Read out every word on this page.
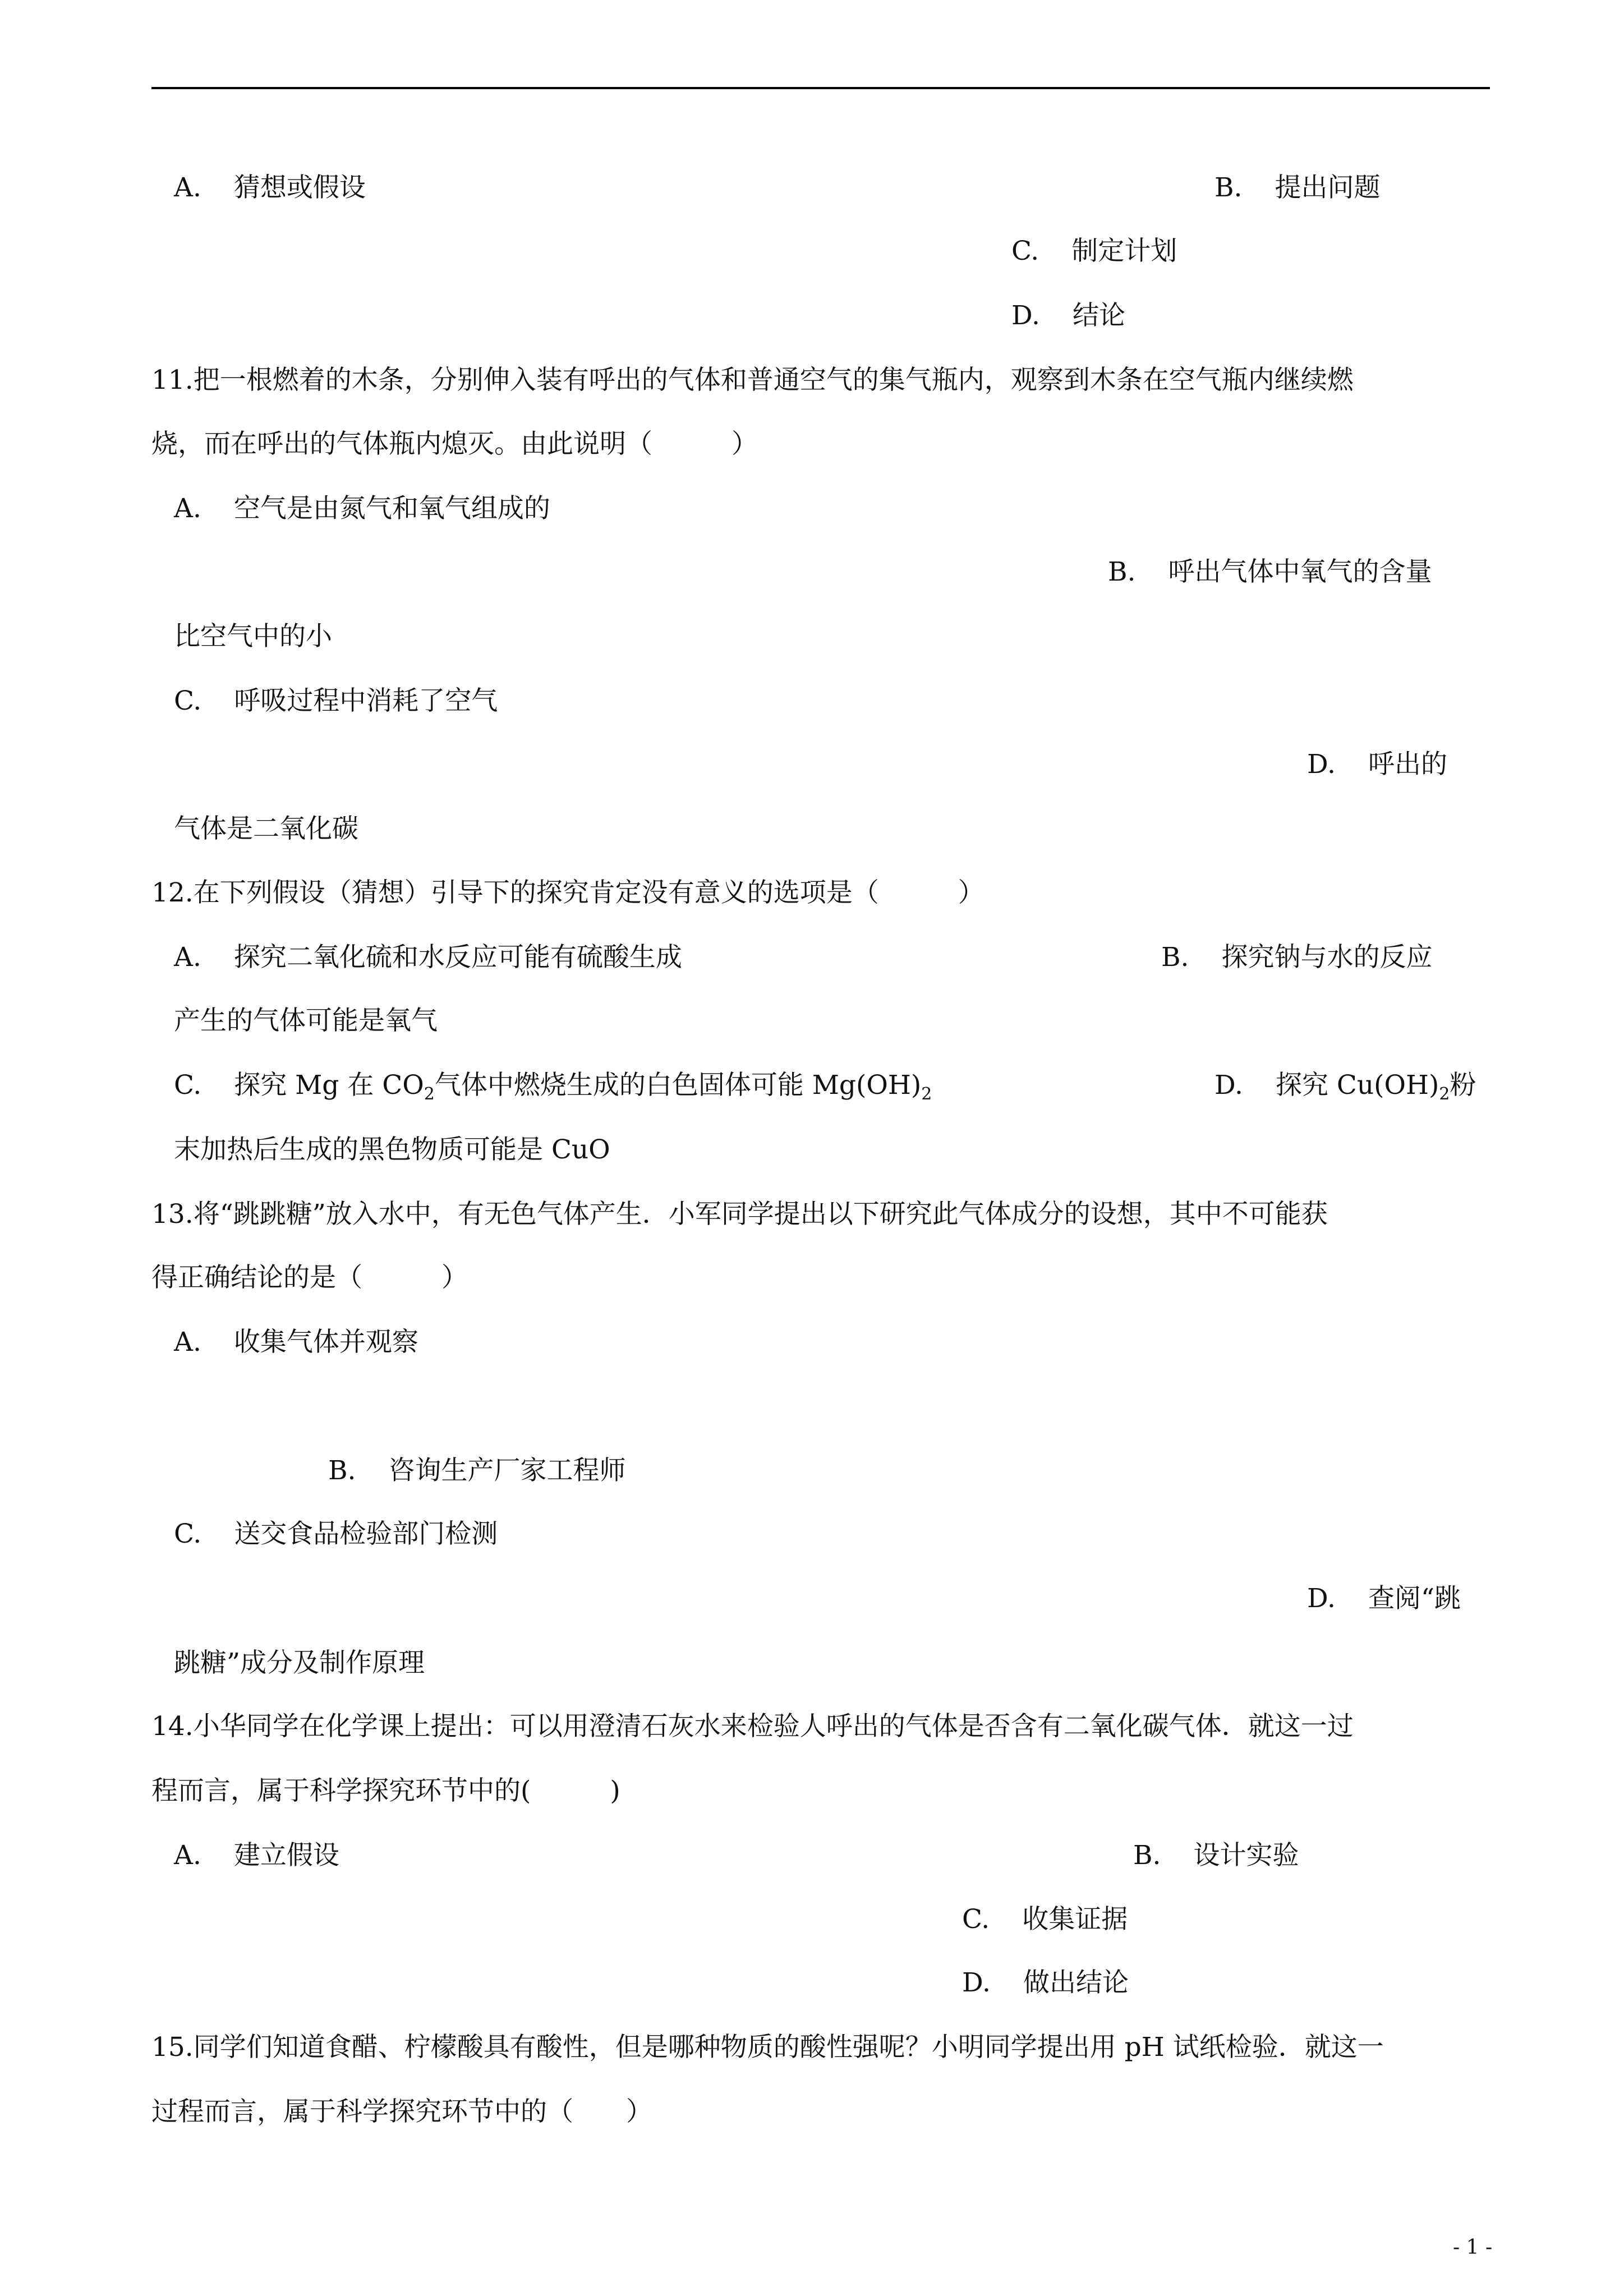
A. 猜想或假设	B. 提出问题
C. 制定计划
D. 结论
11.把一根燃着的木条，分别伸入装有呼出的气体和普通空气的集气瓶内，观察到木条在空气瓶内继续燃
烧，而在呼出的气体瓶内熄灭。由此说明（　　　）
A. 空气是由氮气和氧气组成的
B. 呼出气体中氧气的含量
比空气中的小
C. 呼吸过程中消耗了空气
D. 呼出的
气体是二氧化碳
12.在下列假设（猜想）引导下的探究肯定没有意义的选项是（　　　）
A. 探究二氧化硫和水反应可能有硫酸生成	B. 探究钠与水的反应
产生的气体可能是氧气
C. 探究 Mg 在 $CO_2$气体中燃烧生成的白色固体可能 $Mg(OH)_2$	D. 探究 $Cu(OH)_2$粉
末加热后生成的黑色物质可能是 CuO
13.将“跳跳糖”放入水中，有无色气体产生．小军同学提出以下研究此气体成分的设想，其中不可能获
得正确结论的是（　　　）
A. 收集气体并观察
B. 咨询生产厂家工程师
C. 送交食品检验部门检测
D. 查阅“跳
跳糖”成分及制作原理
14.小华同学在化学课上提出：可以用澄清石灰水来检验人呼出的气体是否含有二氧化碳气体．就这一过
程而言，属于科学探究环节中的(　　　)
A. 建立假设	B. 设计实验
C. 收集证据
D. 做出结论
15.同学们知道食醋、柠檬酸具有酸性，但是哪种物质的酸性强呢？小明同学提出用 pH 试纸检验．就这一
过程而言，属于科学探究环节中的（　　）
- 1 -
